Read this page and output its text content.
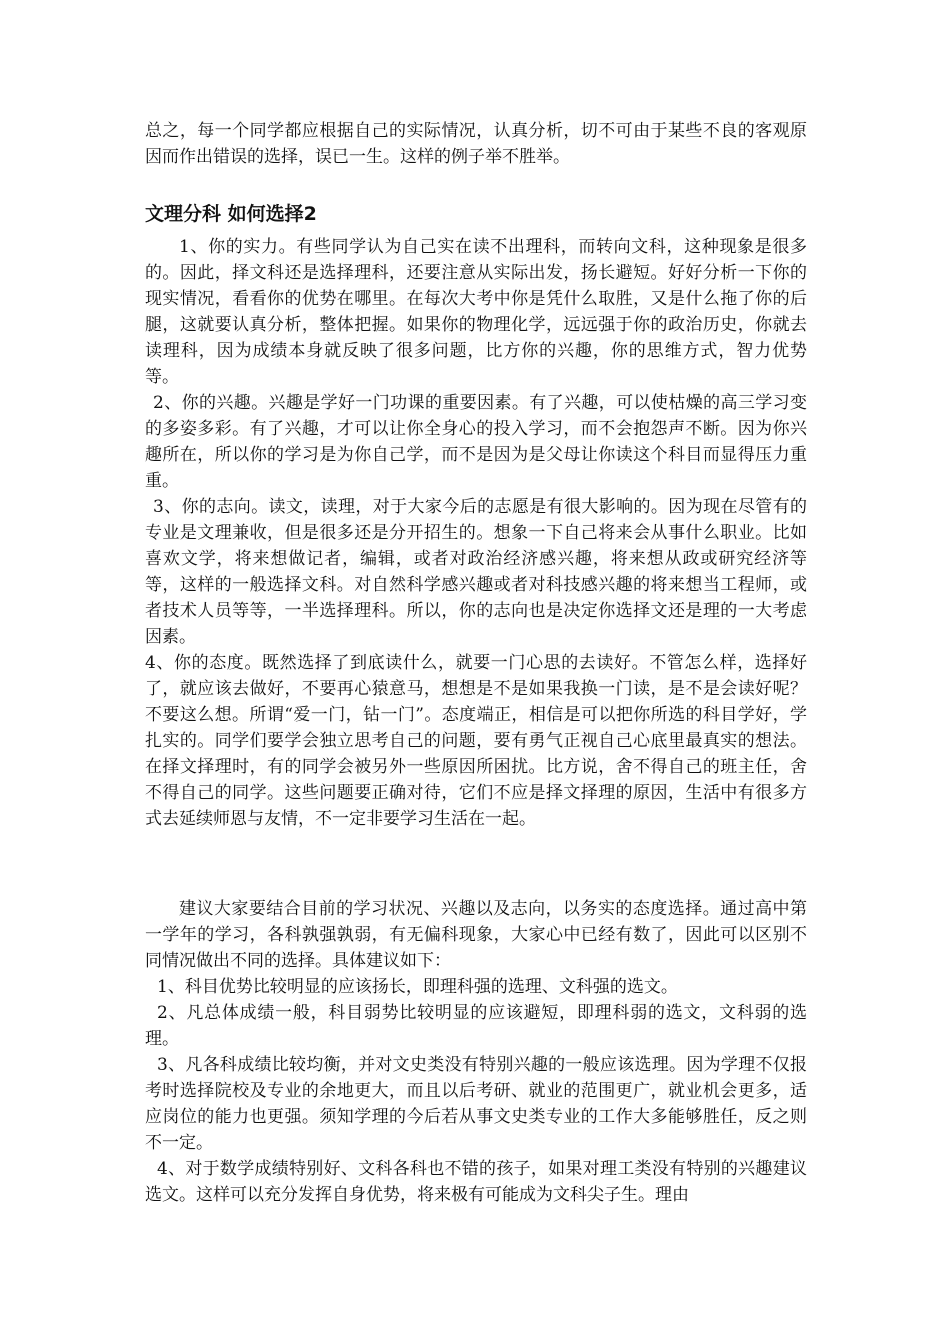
总之，每一个同学都应根据自己的实际情况，认真分析，切不可由于某些不良的客观原因而作出错误的选择，误已一生。这样的例子举不胜举。

文理分科 如何选择2

1、你的实力。有些同学认为自己实在读不出理科，而转向文科，这种现象是很多的。因此，择文科还是选择理科，还要注意从实际出发，扬长避短。好好分析一下你的现实情况，看看你的优势在哪里。在每次大考中你是凭什么取胜，又是什么拖了你的后腿，这就要认真分析，整体把握。如果你的物理化学，远远强于你的政治历史，你就去读理科，因为成绩本身就反映了很多问题，比方你的兴趣，你的思维方式，智力优势等。

2、你的兴趣。兴趣是学好一门功课的重要因素。有了兴趣，可以使枯燥的高三学习变的多姿多彩。有了兴趣，才可以让你全身心的投入学习，而不会抱怨声不断。因为你兴趣所在，所以你的学习是为你自己学，而不是因为是父母让你读这个科目而显得压力重重。

3、你的志向。读文，读理，对于大家今后的志愿是有很大影响的。因为现在尽管有的专业是文理兼收，但是很多还是分开招生的。想象一下自己将来会从事什么职业。比如喜欢文学，将来想做记者，编辑，或者对政治经济感兴趣，将来想从政或研究经济等等，这样的一般选择文科。对自然科学感兴趣或者对科技感兴趣的将来想当工程师，或者技术人员等等，一半选择理科。所以，你的志向也是决定你选择文还是理的一大考虑因素。

4、你的态度。既然选择了到底读什么，就要一门心思的去读好。不管怎么样，选择好了，就应该去做好，不要再心猿意马，想想是不是如果我换一门读，是不是会读好呢？不要这么想。所谓“爱一门，钻一门”。态度端正，相信是可以把你所选的科目学好，学扎实的。同学们要学会独立思考自己的问题，要有勇气正视自己心底里最真实的想法。在择文择理时，有的同学会被另外一些原因所困扰。比方说，舍不得自己的班主任，舍不得自己的同学。这些问题要正确对待，它们不应是择文择理的原因，生活中有很多方式去延续师恩与友情，不一定非要学习生活在一起。

建议大家要结合目前的学习状况、兴趣以及志向，以务实的态度选择。通过高中第一学年的学习，各科孰强孰弱，有无偏科现象，大家心中已经有数了，因此可以区别不同情况做出不同的选择。具体建议如下：

1、科目优势比较明显的应该扬长，即理科强的选理、文科强的选文。

2、凡总体成绩一般，科目弱势比较明显的应该避短，即理科弱的选文，文科弱的选理。

3、凡各科成绩比较均衡，并对文史类没有特别兴趣的一般应该选理。因为学理不仅报考时选择院校及专业的余地更大，而且以后考研、就业的范围更广，就业机会更多，适应岗位的能力也更强。须知学理的今后若从事文史类专业的工作大多能够胜任，反之则不一定。

4、对于数学成绩特别好、文科各科也不错的孩子，如果对理工类没有特别的兴趣建议选文。这样可以充分发挥自身优势，将来极有可能成为文科尖子生。理由
